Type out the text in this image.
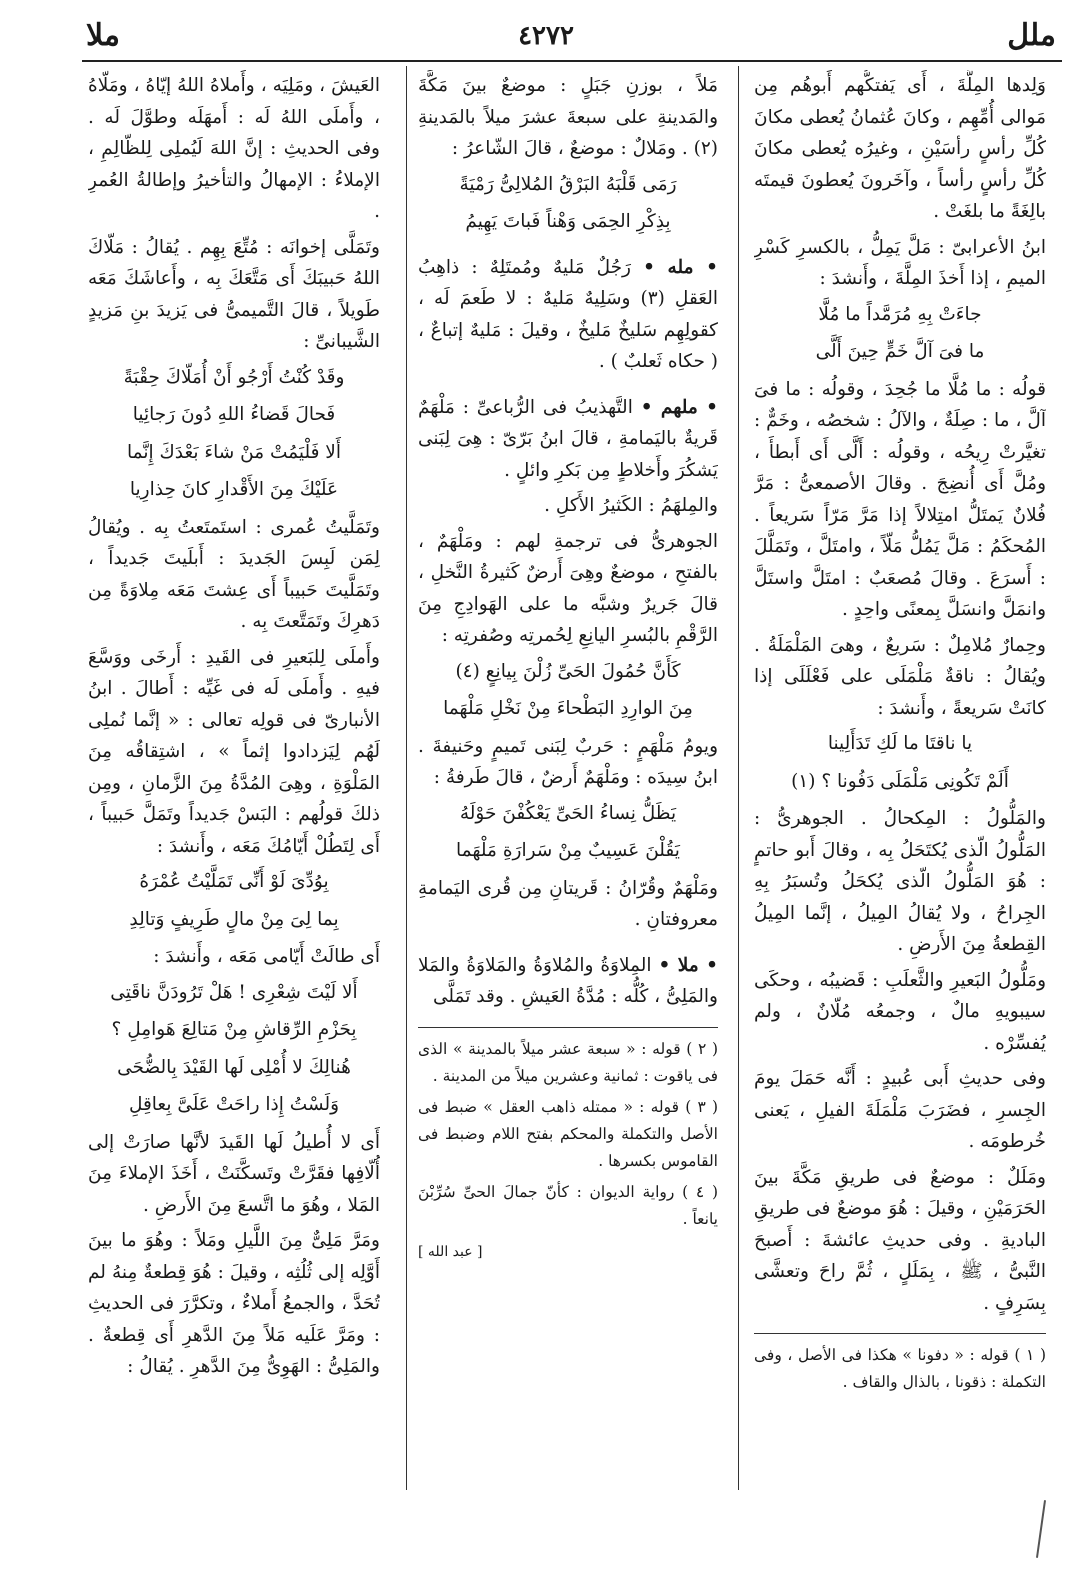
ملل
٤٢٧٢
ملا

وَلِدها المِلَّةَ ، أَى يَفتكُّهم أَبوهُم مِن مَوالى أُمِّهِم ، وكانَ عُثمانُ يُعطى مكانَ كُلِّ رأسٍ رأسَيْنِ ، وغيرُه يُعطى مكانَ كُلِّ رأسٍ رأساً ، وآخَرونَ يُعطونَ قيمتَه بالِغَةً ما بلغَتْ .

ابنُ الأعرابىّ : مَلَّ يَمِلُّ ، بالكسرِ كَسْرِ الميمِ ، إذا أَخذَ المِلَّةَ ، وأَنشدَ :

جاءَتْ بِهِ مُرَمَّداً ما مُلَّا

ما فىَ آلَّ خَمٍّ حِينَ أَلَّى

قولُه : ما مُلَّا ما جُحِدَ ، وقولُه : ما فىَ آلَّ ، ما : صِلَةٌ ، والآلُ : شخصُه ، وخَمٌّ : تغيَّرتْ رِيحُه ، وقولُه : أَلَّى أَى أَبطأَ ، ومُلَّ أَى أُنضِجَ . وقالَ الأصمعىُّ : مَرَّ فُلانٌ يَمتَلُّ امتِلالاً إذا مَرَّ مَرّاً سَريعاً . المُحكَمُ : مَلَّ يَمُلُّ مَلّاً ، وامتَلَّ ، وتَمَلَّلَ : أَسرَعَ . وقالَ مُصعَبٌ : امتَلَّ واستَلَّ وانمَلَّ وانسَلَّ بِمعنًى واحِدٍ .

وحِمارٌ مُلامِلٌ : سَريعٌ ، وهىَ المَلْمَلَةُ . ويُقالُ : ناقةٌ مَلْمَلَى على فَعْلَلَى إذا كانَتْ سَريعةً ، وأَنشدَ :

يا ناقتَا ما لَكِ تَدَأَلِينا

أَلَمْ تَكُونِى مَلْمَلَى دَفُونا ؟ (١)

والمَلُّولُ : المِكحالُ . الجوهرىُّ : المَلُّولُ الّذى يُكتَحَلُ بِه ، وقالَ أَبو حاتمٍ : هُوَ المَلُّولُ الّذى يُكحَلُ وتُسبَرُ بِهِ الجِراحُ ، ولا يُقالُ المِيلُ ، إنَّما المِيلُ القِطعةُ مِنَ الأَرضِ .

ومَلُّولُ البَعيرِ والثَّعلَبِ : قَضيبُه ، وحكَى سيبويهِ مالٌ ، وجمعُه مُلّانٌ ، ولم يُفسِّرْه .

وفى حديثِ أَبى عُبيدٍ : أَنَّه حَمَلَ يومَ الجِسرِ ، فضَرَبَ مَلْمَلَةَ الفيلِ ، يَعنى خُرطومَه .

ومَلَلٌ : موضعٌ فى طريقِ مَكَّةَ بينَ الحَرَمَيْنِ ، وقيلَ : هُوَ موضعٌ فى طريقِ الباديةِ . وفى حديثِ عائشةَ : أَصبحَ النَّبىُّ ، ﷺ ، بِمَلَلٍ ، ثُمَّ راحَ وتعشَّى بِسَرِفٍ .

( ١ ) قوله : « دفونا » هكذا فى الأصل ، وفى التكملة : ذقونا ، بالذال والقاف .

مَلاً ، بوزنِ جَبَلٍ : موضعٌ بينَ مَكَّةَ والمَدينةِ على سبعةَ عشرَ ميلاً بالمَدينةِ (٢) . ومَلالٌ : موضعٌ ، قالَ الشّاعرُ :

رَمَى قَلْبَهُ البَرْقُ المُلالِىُّ رَمْيَةً

بِذِكْرِ الحِمَى وَهْناً فَباتَ يَهِيمُ

• مله • رَجُلٌ مَليهٌ ومُمتَلِهٌ : ذاهِبُ العَقلِ (٣) وسَلِيهٌ مَليهٌ : لا طَعمَ لَه ، كقولِهِم سَليخٌ مَليخٌ ، وقيلَ : مَليهٌ إتباعٌ ، ( حكاه ثَعلبٌ ) .

• ملهم • التَّهذيبُ فى الرُّباعىِّ : مَلْهَمٌ قَريةٌ باليَمامةِ ، قالَ ابنُ بَرّىّ : هِىَ لِبَنى يَشكُرَ وأَخلاطٍ مِن بَكرِ وائلٍ .

والمِلهَمُ : الكَثيرُ الأَكلِ .

الجوهرىُّ فى ترجمةِ لهم : ومَلْهَمٌ ، بالفتحِ ، موضعٌ وهِىَ أَرضٌ كَثيرةُ النَّخلِ ، قالَ جَريرٌ وشبَّه ما على الهَوادِجِ مِنَ الرَّقْمِ بالبُسرِ اليانِعِ لِحُمرتِه وصُفرتِه :

كَأَنَّ حُمُولَ الحَىِّ زُلْنَ بِيانِعٍ (٤)

مِنَ الوارِدِ البَطْحاءَ مِنْ نَخْلِ مَلْهَما

ويومُ مَلْهَمٍ : حَربٌ لِبَنى تَميمٍ وحَنيفةَ . ابنُ سِيدَه : ومَلْهَمٌ أَرضٌ ، قالَ طَرفةُ :

يَظَلُّ نِساءُ الحَىِّ يَعْكُفْنَ حَوْلَهُ

يَقُلْنَ عَسِيبٌ مِنْ سَرارَةِ مَلْهَما

ومَلْهَمٌ وقُرّانُ : قَريتانِ مِن قُرى اليَمامةِ معروفتانِ .

• ملا • المِلاوَةُ والمُلاوَةُ والمَلاوَةُ والمَلا والمَلِىُّ ، كُلُّه : مُدَّةُ العَيشِ . وقد تَمَلَّى

( ٢ ) قوله : « سبعة عشر ميلاً بالمدينة » الذى فى ياقوت : ثمانية وعشرين ميلاً من المدينة .

( ٣ ) قوله : « ممتله ذاهب العقل » ضبط فى الأصل والتكملة والمحكم بفتح اللام وضبط فى القاموس بكسرها .

( ٤ ) رواية الديوان : كأنّ جمالَ الحىِّ سُرِّبْنَ يانعاً .

[ عبد الله ]

العَيشَ ، ومَلِيَه ، وأَملاهُ اللهُ إيّاهُ ، ومَلّاهُ ، وأَملَى اللهُ لَه : أَمهَلَه وطوَّلَ لَه . وفى الحديثِ : إنَّ اللهَ لَيُملِى لِلظّالِمِ ، الإملاءُ : الإمهالُ والتأخيرُ وإطالةُ العُمرِ .

وتَمَلَّى إخوانَه : مُتِّعَ بِهِم . يُقالُ : مَلّاكَ اللهُ حَبيبَكَ أَى مَتَّعَكَ بِه ، وأَعاشَكَ مَعَه طَويلاً ، قالَ التَّميمىُّ فى يَزيدَ بنِ مَزيدٍ الشَّيبانىِّ :

وقَدْ كُنْتُ أَرْجُو أَنْ أُمَلّاكَ حِقْبَةً

فَحالَ قَضاءُ اللهِ دُونَ رَجائِيا

أَلا فَلْيَمُتْ مَنْ شاءَ بَعْدَكَ إِنَّما

عَلَيْكَ مِنَ الأَقْدارِ كانَ حِذارِيا

وتَمَلَّيتُ عُمرى : استَمتَعتُ بِه . ويُقالُ لِمَن لَبِسَ الجَديدَ : أَبلَيتَ جَديداً ، وتَمَلَّيتَ حَبيباً أَى عِشتَ مَعَه مِلاوَةً مِن دَهرِكَ وتَمَتَّعتَ بِه .

وأَملَى لِلبَعيرِ فى القَيدِ : أَرخَى ووَسَّعَ فيهِ . وأَملَى لَه فى غَيِّه : أَطالَ . ابنُ الأنبارىّ فى قولِه تعالى : « إنَّما نُملِى لَهُم لِيَزدادوا إثماً » ، اشتِقاقُه مِنَ المَلْوَةِ ، وهِىَ المُدَّةُ مِنَ الزَّمانِ ، ومِن ذلكَ قولُهم : البَسْ جَديداً وتَمَلَّ حَبيباً ، أَى لِتَطُلْ أَيّامُكَ مَعَه ، وأَنشدَ :

بِوُدِّىَ لَوْ أَنِّى تَمَلَّيْتُ عُمْرَهُ

بِما لِىَ مِنْ مالٍ طَرِيفٍ وَتالِدِ

أَى طالَتْ أَيّامى مَعَه ، وأَنشدَ :

أَلا لَيْتَ شِعْرِى ! هَلْ تَرُودَنَّ ناقَتِى

بِحَزْمِ الرِّقاشِ مِنْ مَتالِعَ هَوامِلِ ؟

هُنالِكَ لا أُمْلِى لَها القَيْدَ بِالضُّحَى

وَلَسْتُ إِذا راحَتْ عَلَىَّ بِعاقِلِ

أَى لا أُطيلُ لَها القَيدَ لأنَّها صارَتْ إلى أُلّافِها فقَرَّتْ وتَسكَّنَتْ ، أَخَذَ الإملاءَ مِنَ المَلا ، وهُوَ ما اتَّسعَ مِنَ الأَرضِ .

ومَرَّ مَلِىٌّ مِنَ اللَّيلِ ومَلاً : وهُوَ ما بينَ أَوَّلِه إلى ثُلُثِه ، وقيلَ : هُوَ قِطعةٌ مِنهُ لم تُحَدَّ ، والجمعُ أَملاءٌ ، وتكرَّرَ فى الحديثِ : ومَرَّ عَلَيه مَلاً مِنَ الدَّهرِ أَى قِطعةٌ . والمَلِىُّ : الهَوِىُّ مِنَ الدَّهرِ . يُقالُ :
